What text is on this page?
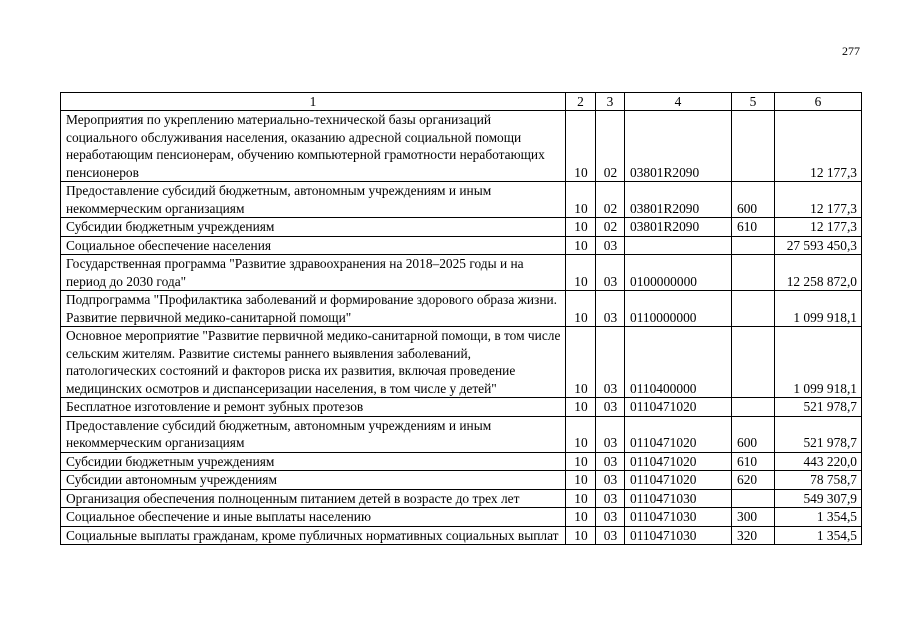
277
1	2	3	4	5	6
Мероприятия по укреплению материально-технической базы организаций социального обслуживания населения, оказанию адресной социальной помощи неработающим пенсионерам, обучению компьютерной грамотности неработающих пенсионеров	10	02	03801R2090		12 177,3
Предоставление субсидий бюджетным, автономным учреждениям и иным некоммерческим организациям	10	02	03801R2090	600	12 177,3
Субсидии бюджетным учреждениям	10	02	03801R2090	610	12 177,3
Социальное обеспечение населения	10	03			27 593 450,3
Государственная программа "Развитие здравоохранения на 2018–2025 годы и на период до 2030 года"	10	03	0100000000		12 258 872,0
Подпрограмма "Профилактика заболеваний и формирование здорового образа жизни. Развитие первичной медико-санитарной помощи"	10	03	0110000000		1 099 918,1
Основное мероприятие "Развитие первичной медико-санитарной помощи, в том числе сельским жителям. Развитие системы раннего выявления заболеваний, патологических состояний и факторов риска их развития, включая проведение медицинских осмотров и диспансеризации населения, в том числе у детей"	10	03	0110400000		1 099 918,1
Бесплатное изготовление и ремонт зубных протезов	10	03	0110471020		521 978,7
Предоставление субсидий бюджетным, автономным учреждениям и иным некоммерческим организациям	10	03	0110471020	600	521 978,7
Субсидии бюджетным учреждениям	10	03	0110471020	610	443 220,0
Субсидии автономным учреждениям	10	03	0110471020	620	78 758,7
Организация обеспечения полноценным питанием детей в возрасте до трех лет	10	03	0110471030		549 307,9
Социальное обеспечение и иные выплаты населению	10	03	0110471030	300	1 354,5
Социальные выплаты гражданам, кроме публичных нормативных социальных выплат	10	03	0110471030	320	1 354,5
